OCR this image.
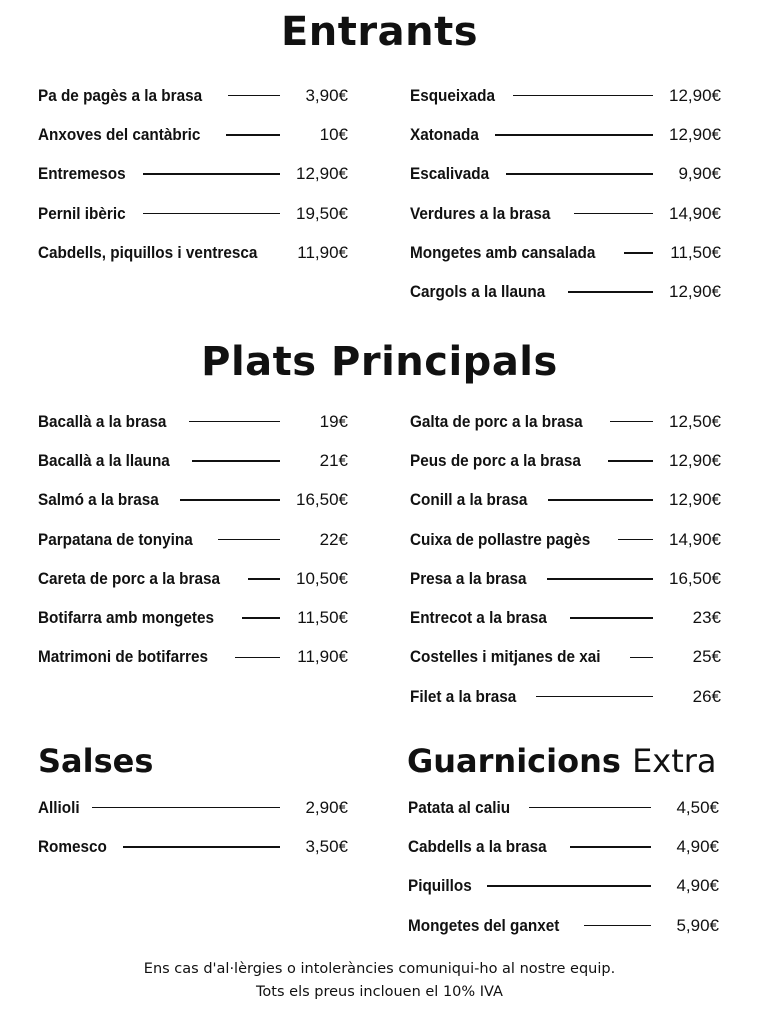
Entrants
Pa de pagès a la brasa	3,90€
Anxoves del cantàbric	10€
Entremesos	12,90€
Pernil ibèric	19,50€
Cabdells, piquillos i ventresca 11,90€
Esqueixada	12,90€
Xatonada	12,90€
Escalivada	9,90€
Verdures a la brasa	14,90€
Mongetes amb cansalada	11,50€
Cargols a la llauna	12,90€
Plats Principals
Bacallà a la brasa	19€
Bacallà a la llauna	21€
Salmó a la brasa	16,50€
Parpatana de tonyina	22€
Careta de porc a la brasa	10,50€
Botifarra amb mongetes	11,50€
Matrimoni de botifarres	11,90€
Galta de porc a la brasa	12,50€
Peus de porc a la brasa	12,90€
Conill a la brasa	12,90€
Cuixa de pollastre pagès	14,90€
Presa a la brasa	16,50€
Entrecot a la brasa	23€
Costelles i mitjanes de xai	25€
Filet a la brasa	26€
Salses
Allioli	2,90€
Romesco	3,50€
Guarnicions Extra
Patata al caliu	4,50€
Cabdells a la brasa	4,90€
Piquillos	4,90€
Mongetes del ganxet	5,90€
Ens cas d'al·lèrgies o intoleràncies comuniqui-ho al nostre equip.
Tots els preus inclouen el 10% IVA
